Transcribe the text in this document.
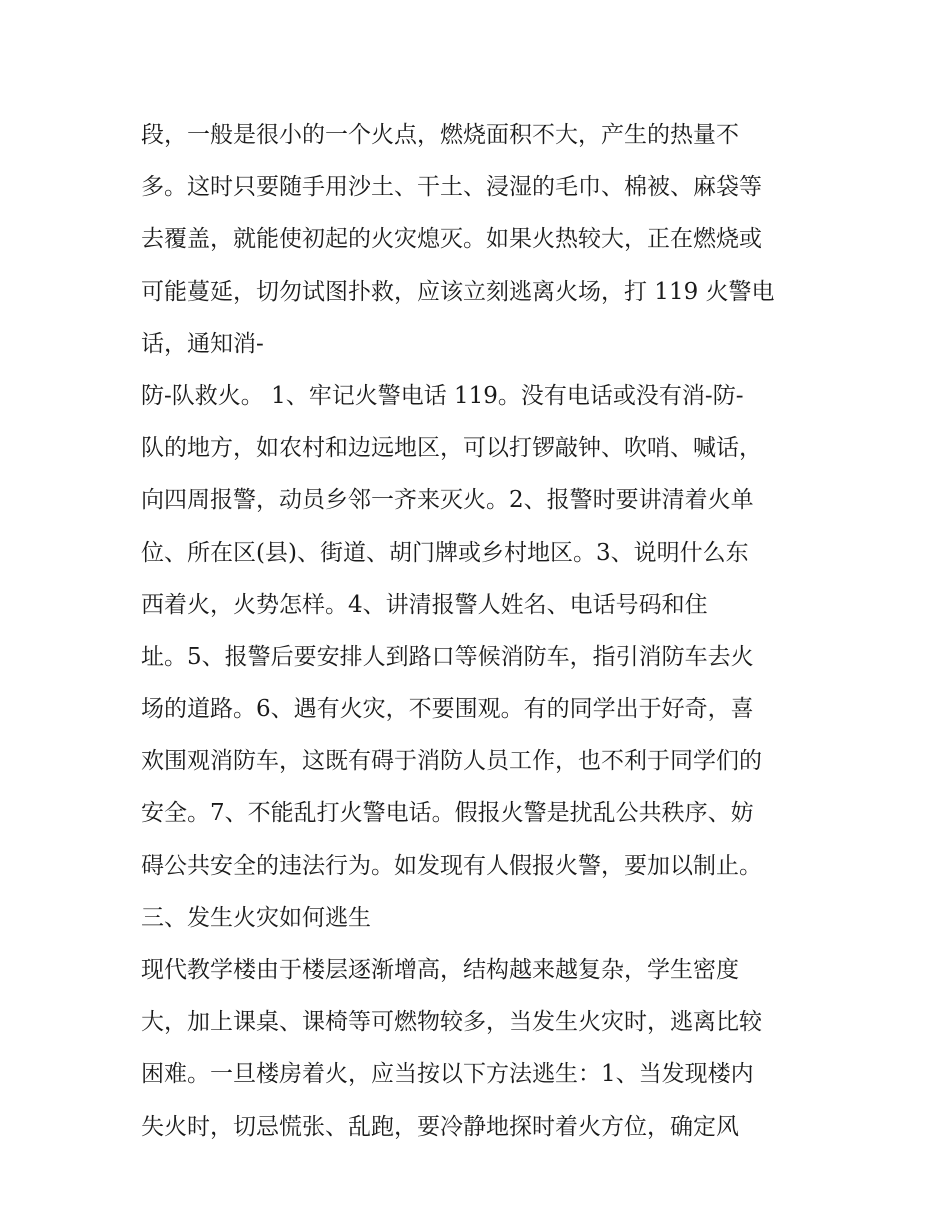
段，一般是很小的一个火点，燃烧面积不大，产生的热量不
多。这时只要随手用沙土、干土、浸湿的毛巾、棉被、麻袋等
去覆盖，就能使初起的火灾熄灭。如果火热较大，正在燃烧或
可能蔓延，切勿试图扑救，应该立刻逃离火场，打 119 火警电
话，通知消-
防-队救火。 1、牢记火警电话 119。没有电话或没有消-防-
队的地方，如农村和边远地区，可以打锣敲钟、吹哨、喊话，
向四周报警，动员乡邻一齐来灭火。2、报警时要讲清着火单
位、所在区(县)、街道、胡门牌或乡村地区。3、说明什么东
西着火，火势怎样。4、讲清报警人姓名、电话号码和住
址。5、报警后要安排人到路口等候消防车，指引消防车去火
场的道路。6、遇有火灾，不要围观。有的同学出于好奇，喜
欢围观消防车，这既有碍于消防人员工作，也不利于同学们的
安全。7、不能乱打火警电话。假报火警是扰乱公共秩序、妨
碍公共安全的违法行为。如发现有人假报火警，要加以制止。
三、发生火灾如何逃生
现代教学楼由于楼层逐渐增高，结构越来越复杂，学生密度
大，加上课桌、课椅等可燃物较多，当发生火灾时，逃离比较
困难。一旦楼房着火，应当按以下方法逃生：1、当发现楼内
失火时，切忌慌张、乱跑，要冷静地探时着火方位，确定风
